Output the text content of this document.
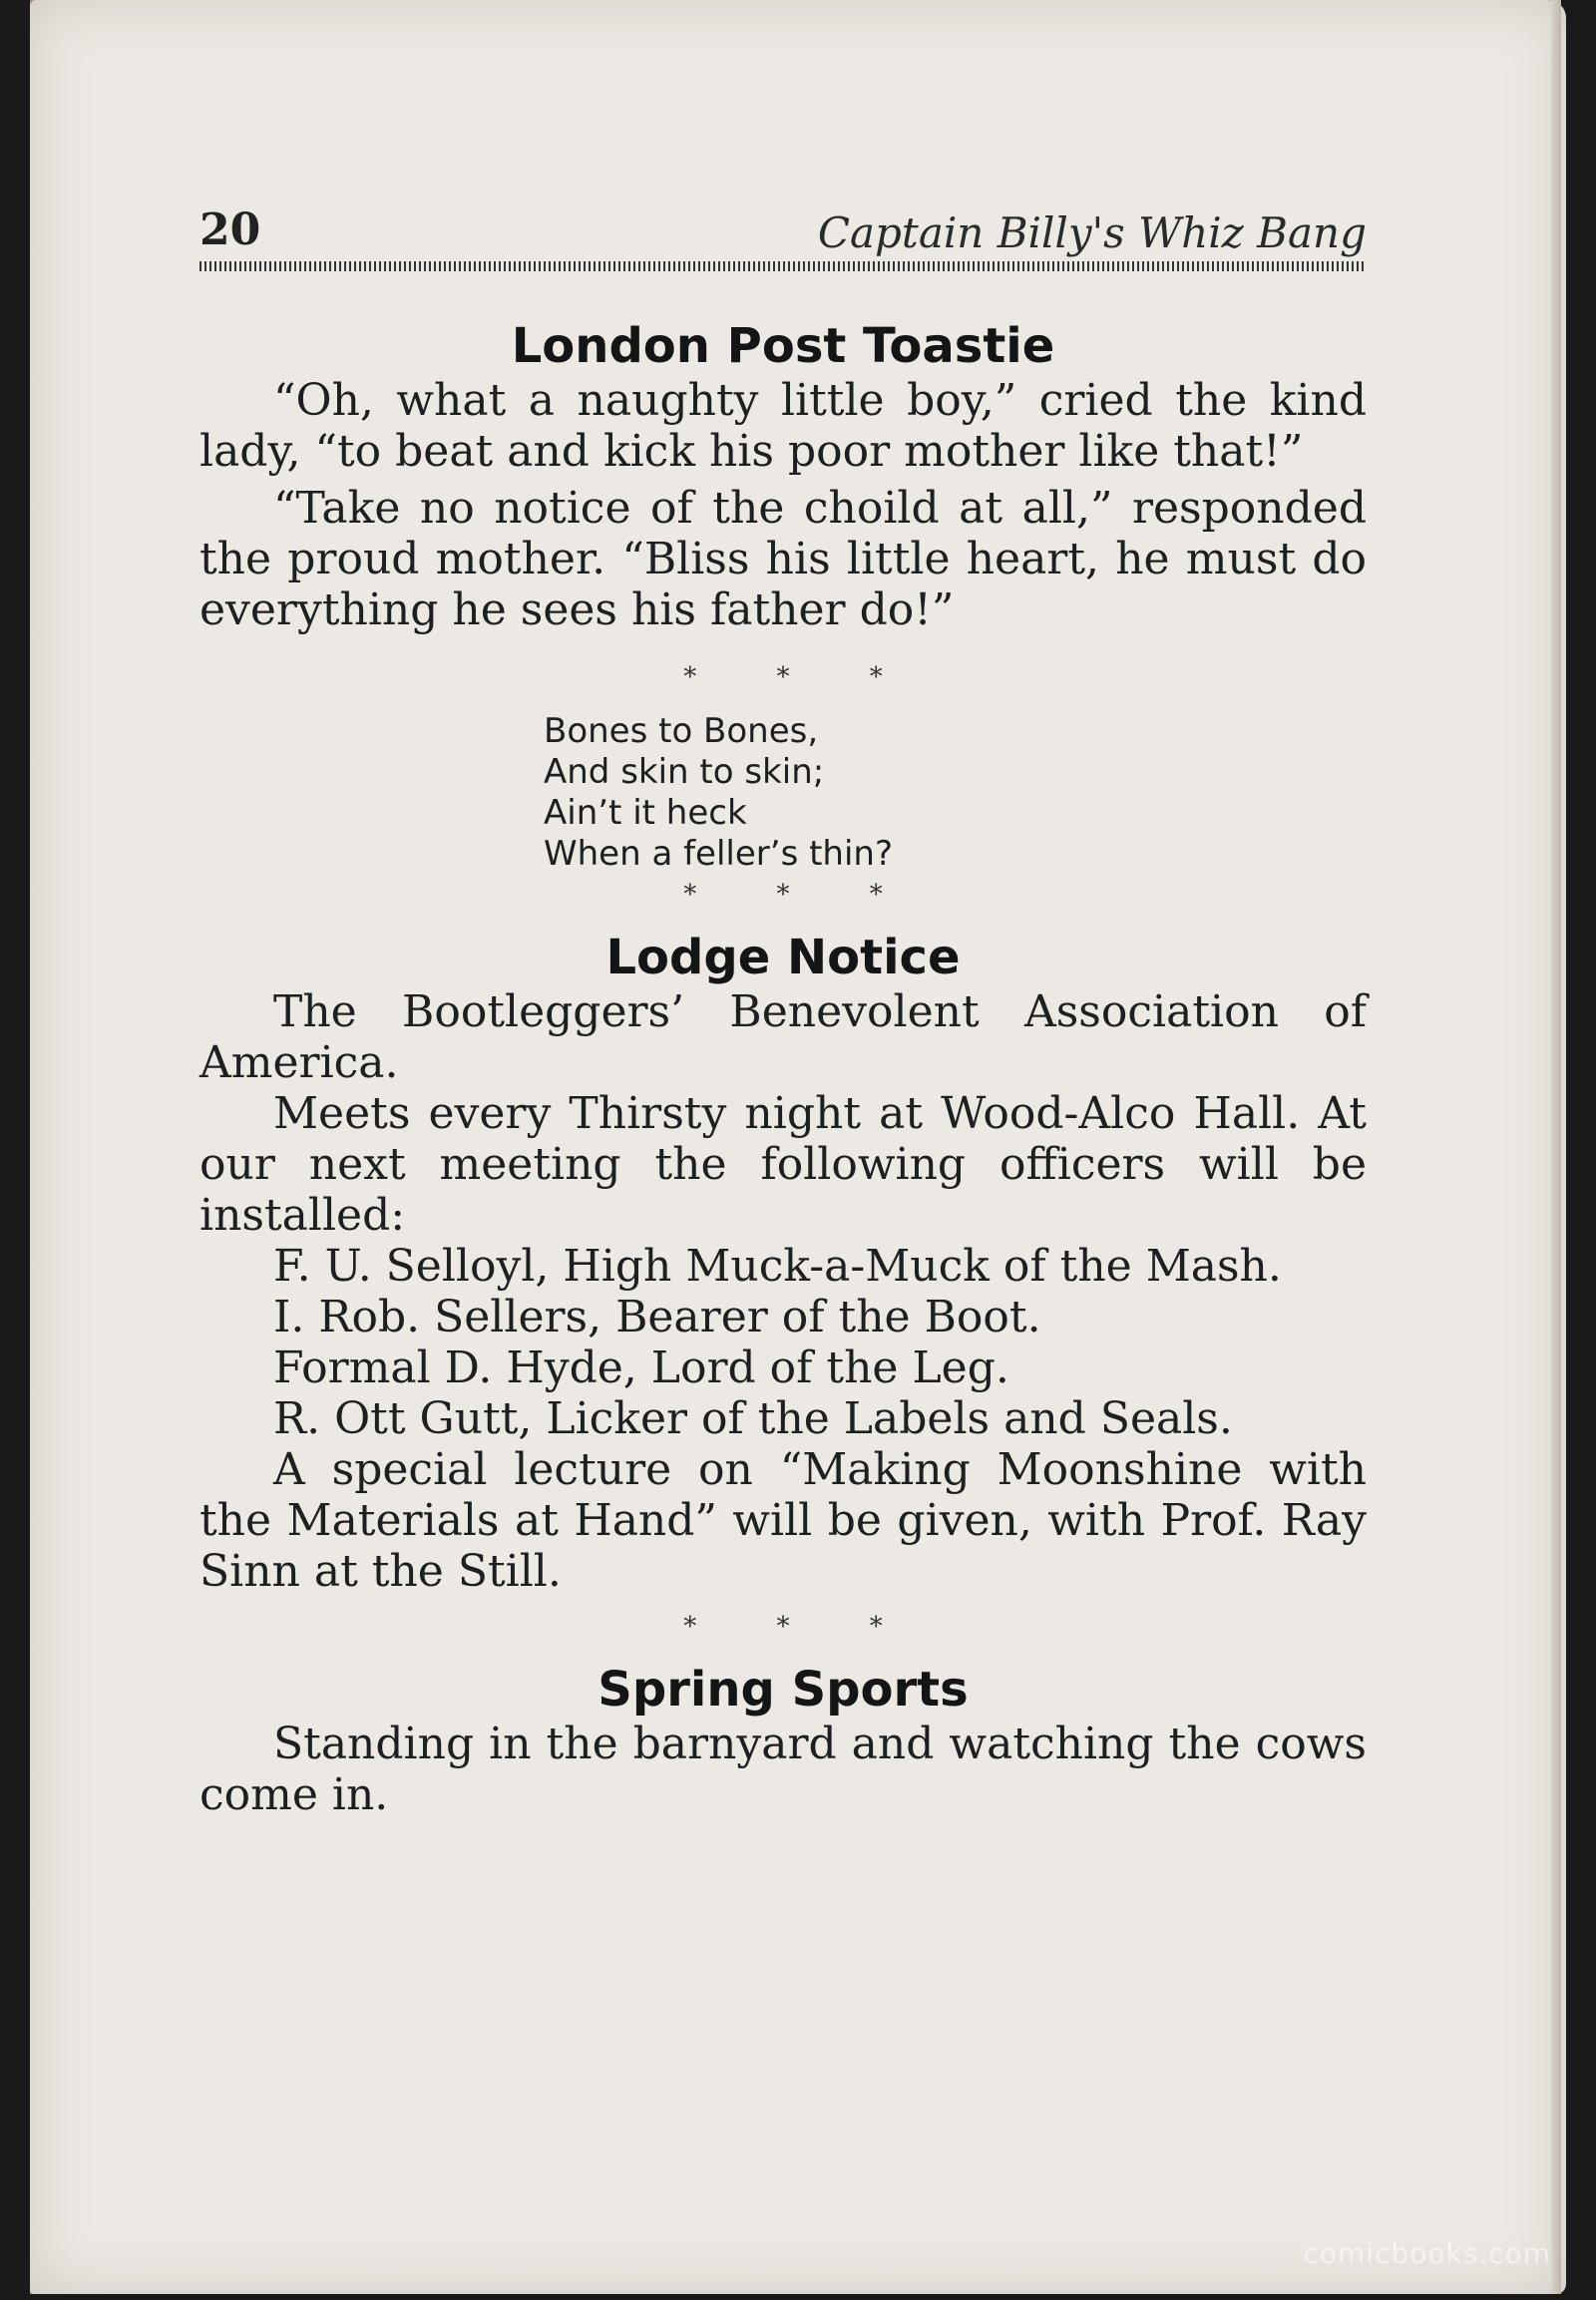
20	Captain Billy's Whiz Bang
London Post Toastie

“Oh, what a naughty little boy,” cried the kind lady, “to beat and kick his poor mother like that!”

“Take no notice of the choild at all,” responded the proud mother. “Bliss his little heart, he must do everything he sees his father do!”

* * *
Bones to Bones,
And skin to skin;
Ain’t it heck
When a feller’s thin?
* * *
Lodge Notice

The Bootleggers’ Benevolent Association of America.

Meets every Thirsty night at Wood-Alco Hall. At our next meeting the following officers will be installed:

F. U. Selloyl, High Muck-a-Muck of the Mash.

I. Rob. Sellers, Bearer of the Boot.

Formal D. Hyde, Lord of the Leg.

R. Ott Gutt, Licker of the Labels and Seals.

A special lecture on “Making Moonshine with the Materials at Hand” will be given, with Prof. Ray Sinn at the Still.

* * *
Spring Sports

Standing in the barnyard and watching the cows come in.

comicbooks.com
